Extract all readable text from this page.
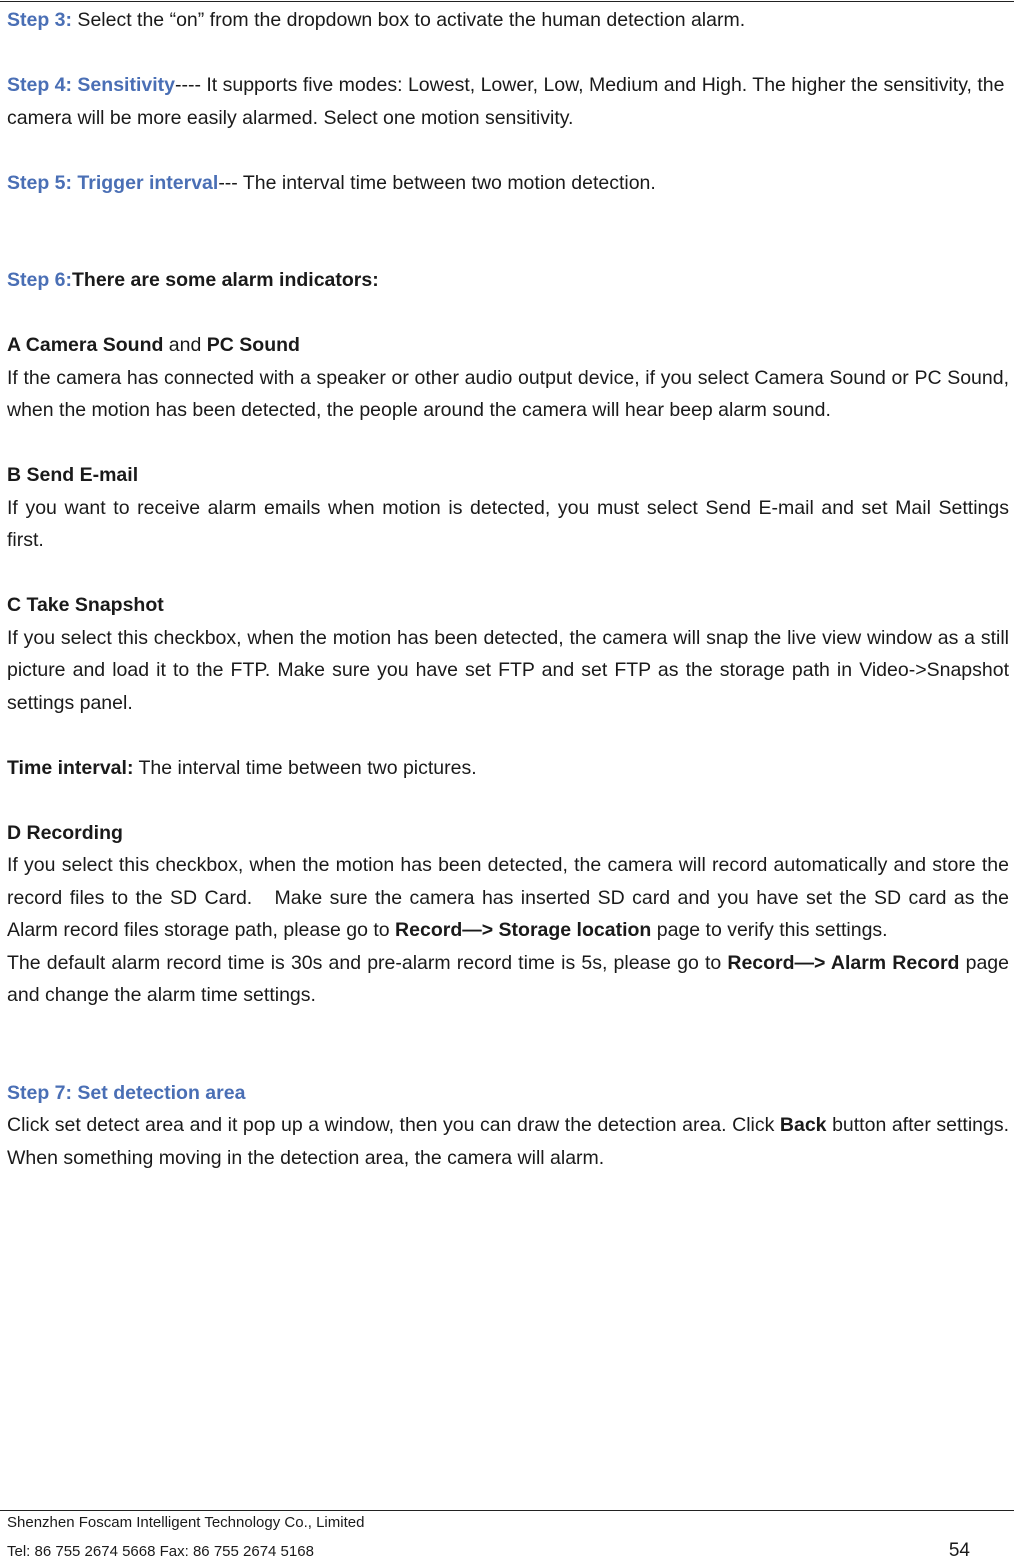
Step 3: Select the “on” from the dropdown box to activate the human detection alarm.

Step 4: Sensitivity---- It supports five modes: Lowest, Lower, Low, Medium and High. The higher the sensitivity, the camera will be more easily alarmed. Select one motion sensitivity.

Step 5: Trigger interval--- The interval time between two motion detection.

Step 6:There are some alarm indicators:

A Camera Sound and PC Sound

If the camera has connected with a speaker or other audio output device, if you select Camera Sound or PC Sound, when the motion has been detected, the people around the camera will hear beep alarm sound.

B Send E-mail

If you want to receive alarm emails when motion is detected, you must select Send E-mail and set Mail Settings first.

C Take Snapshot

If you select this checkbox, when the motion has been detected, the camera will snap the live view window as a still picture and load it to the FTP. Make sure you have set FTP and set FTP as the storage path in Video->Snapshot settings panel.

Time interval: The interval time between two pictures.

D Recording

If you select this checkbox, when the motion has been detected, the camera will record automatically and store the record files to the SD Card.   Make sure the camera has inserted SD card and you have set the SD card as the Alarm record files storage path, please go to Record—> Storage location page to verify this settings.

The default alarm record time is 30s and pre-alarm record time is 5s, please go to Record—> Alarm Record page and change the alarm time settings.

Step 7: Set detection area

Click set detect area and it pop up a window, then you can draw the detection area. Click Back button after settings. When something moving in the detection area, the camera will alarm.

Shenzhen Foscam Intelligent Technology Co., Limited
Tel: 86 755 2674 5668 Fax: 86 755 2674 5168	54
